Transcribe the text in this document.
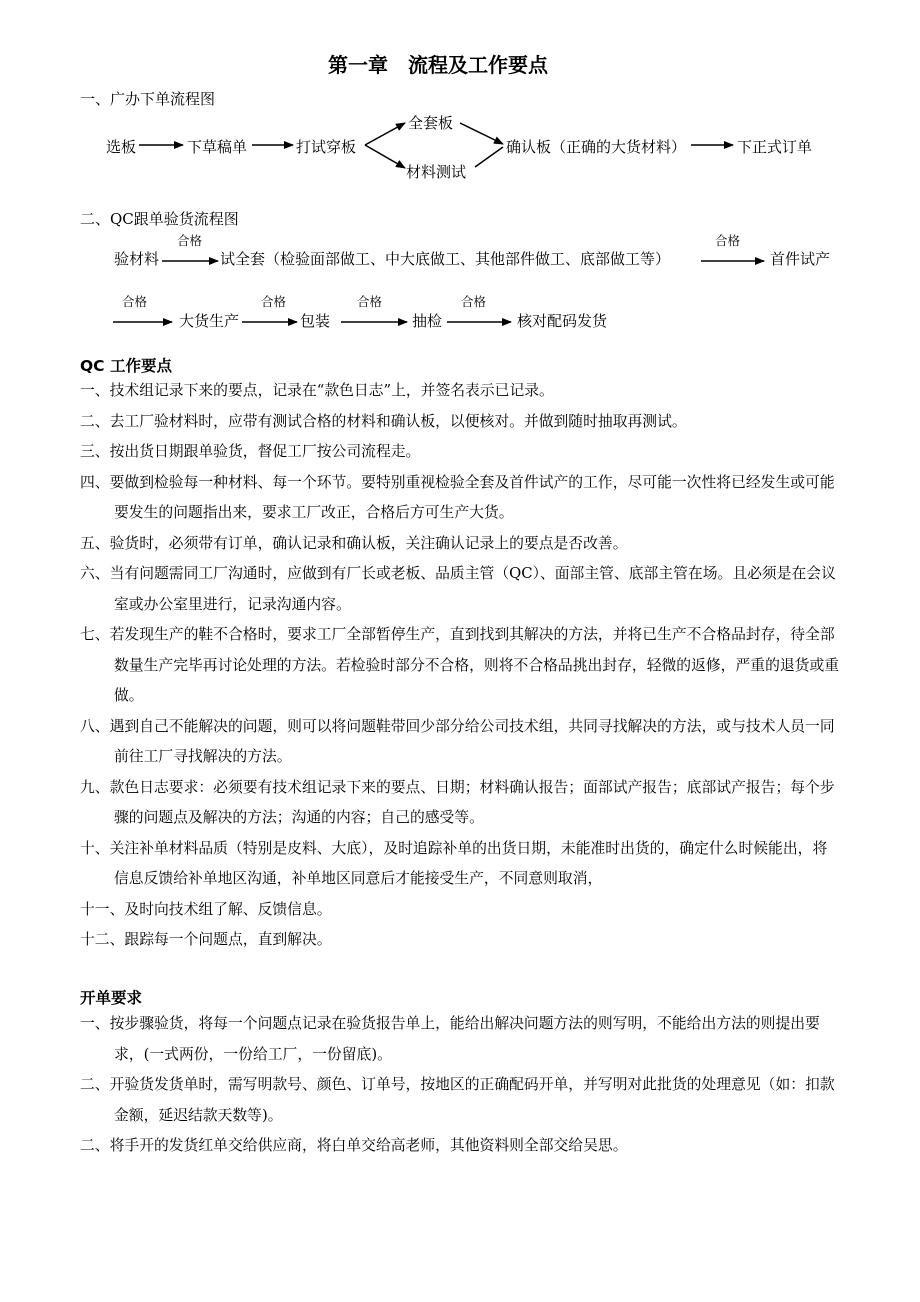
第一章　流程及工作要点
一、广办下单流程图
选板	下草稿单	打试穿板
全套板
材料测试
确认板（正确的大货材料）	下正式订单
二、QC跟单验货流程图
合格	合格
验材料	试全套（检验面部做工、中大底做工、其他部件做工、底部做工等）	首件试产
合格	合格	合格	合格
大货生产	包装	抽检	核对配码发货
QC 工作要点
一、技术组记录下来的要点，记录在“款色日志”上，并签名表示已记录。
二、去工厂验材料时，应带有测试合格的材料和确认板，以便核对。并做到随时抽取再测试。
三、按出货日期跟单验货，督促工厂按公司流程走。
四、要做到检验每一种材料、每一个环节。要特别重视检验全套及首件试产的工作，尽可能一次性将已经发生或可能要发生的问题指出来，要求工厂改正，合格后方可生产大货。
五、验货时，必须带有订单，确认记录和确认板，关注确认记录上的要点是否改善。
六、当有问题需同工厂沟通时，应做到有厂长或老板、品质主管（QC）、面部主管、底部主管在场。且必须是在会议室或办公室里进行，记录沟通内容。
七、若发现生产的鞋不合格时，要求工厂全部暂停生产，直到找到其解决的方法，并将已生产不合格品封存，待全部数量生产完毕再讨论处理的方法。若检验时部分不合格，则将不合格品挑出封存，轻微的返修，严重的退货或重做。
八、遇到自己不能解决的问题，则可以将问题鞋带回少部分给公司技术组，共同寻找解决的方法，或与技术人员一同前往工厂寻找解决的方法。
九、款色日志要求：必须要有技术组记录下来的要点、日期；材料确认报告；面部试产报告；底部试产报告；每个步骤的问题点及解决的方法；沟通的内容；自己的感受等。
十、关注补单材料品质（特别是皮料、大底），及时追踪补单的出货日期，未能准时出货的，确定什么时候能出，将信息反馈给补单地区沟通，补单地区同意后才能接受生产，不同意则取消，
十一、及时向技术组了解、反馈信息。
十二、跟踪每一个问题点，直到解决。
开单要求
一、按步骤验货，将每一个问题点记录在验货报告单上，能给出解决问题方法的则写明，不能给出方法的则提出要求，(一式两份，一份给工厂，一份留底)。
二、开验货发货单时，需写明款号、颜色、订单号，按地区的正确配码开单，并写明对此批货的处理意见（如：扣款金额，延迟结款天数等)。
二、将手开的发货红单交给供应商，将白单交给高老师，其他资料则全部交给吴思。
